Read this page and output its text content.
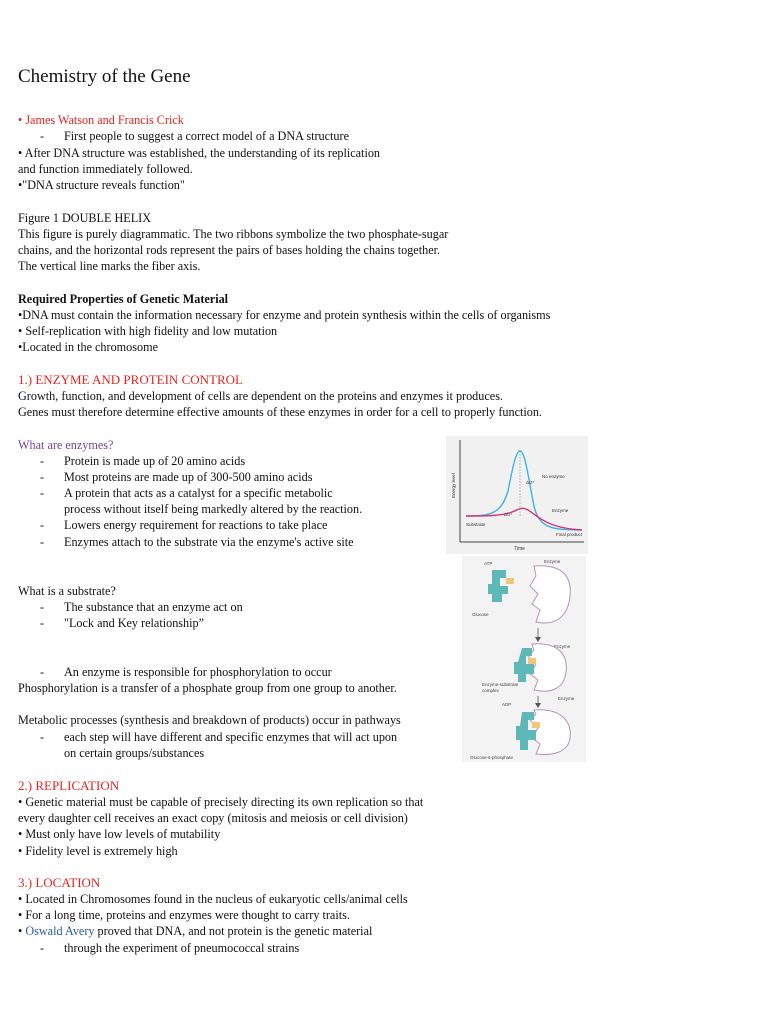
Chemistry of the Gene
• James Watson and Francis Crick
- First people to suggest a correct model of a DNA structure
• After DNA structure was established, the understanding of its replication
and function immediately followed.
•"DNA structure reveals function"
Figure 1 DOUBLE HELIX
This figure is purely diagrammatic. The two ribbons symbolize the two phosphate-sugar
chains, and the horizontal rods represent the pairs of bases holding the chains together.
The vertical line marks the fiber axis.
Required Properties of Genetic Material
•DNA must contain the information necessary for enzyme and protein synthesis within the cells of organisms
• Self-replication with high fidelity and low mutation
•Located in the chromosome
1.) ENZYME AND PROTEIN CONTROL
Growth, function, and development of cells are dependent on the proteins and enzymes it produces.
Genes must therefore determine effective amounts of these enzymes in order for a cell to properly function.
What are enzymes?
- Protein is made up of 20 amino acids
- Most proteins are made up of 300-500 amino acids
- A protein that acts as a catalyst for a specific metabolic
process without itself being markedly altered by the reaction.
- Lowers energy requirement for reactions to take place
- Enzymes attach to the substrate via the enzyme's active site
What is a substrate?
- The substance that an enzyme act on
- "Lock and Key relationship”
- An enzyme is responsible for phosphorylation to occur
Phosphorylation is a transfer of a phosphate group from one group to another.
Metabolic processes (synthesis and breakdown of products) occur in pathways
- each step will have different and specific enzymes that will act upon
on certain groups/substances
2.) REPLICATION
• Genetic material must be capable of precisely directing its own replication so that
every daughter cell receives an exact copy (mitosis and meiosis or cell division)
• Must only have low levels of mutability
• Fidelity level is extremely high
3.) LOCATION
• Located in Chromosomes found in the nucleus of eukaryotic cells/animal cells
• For a long time, proteins and enzymes were thought to carry traits.
• Oswald Avery proved that DNA, and not protein is the genetic material
- through the experiment of pneumococcal strains
Energy level
Time
No enzyme
Enzyme
ΔG*
ΔG*
Substrate
Final product
ATP	Enzyme
Glucose
Enzyme
Enzyme-substrate
complex
ADP
Enzyme
Glucose-6-phosphate
